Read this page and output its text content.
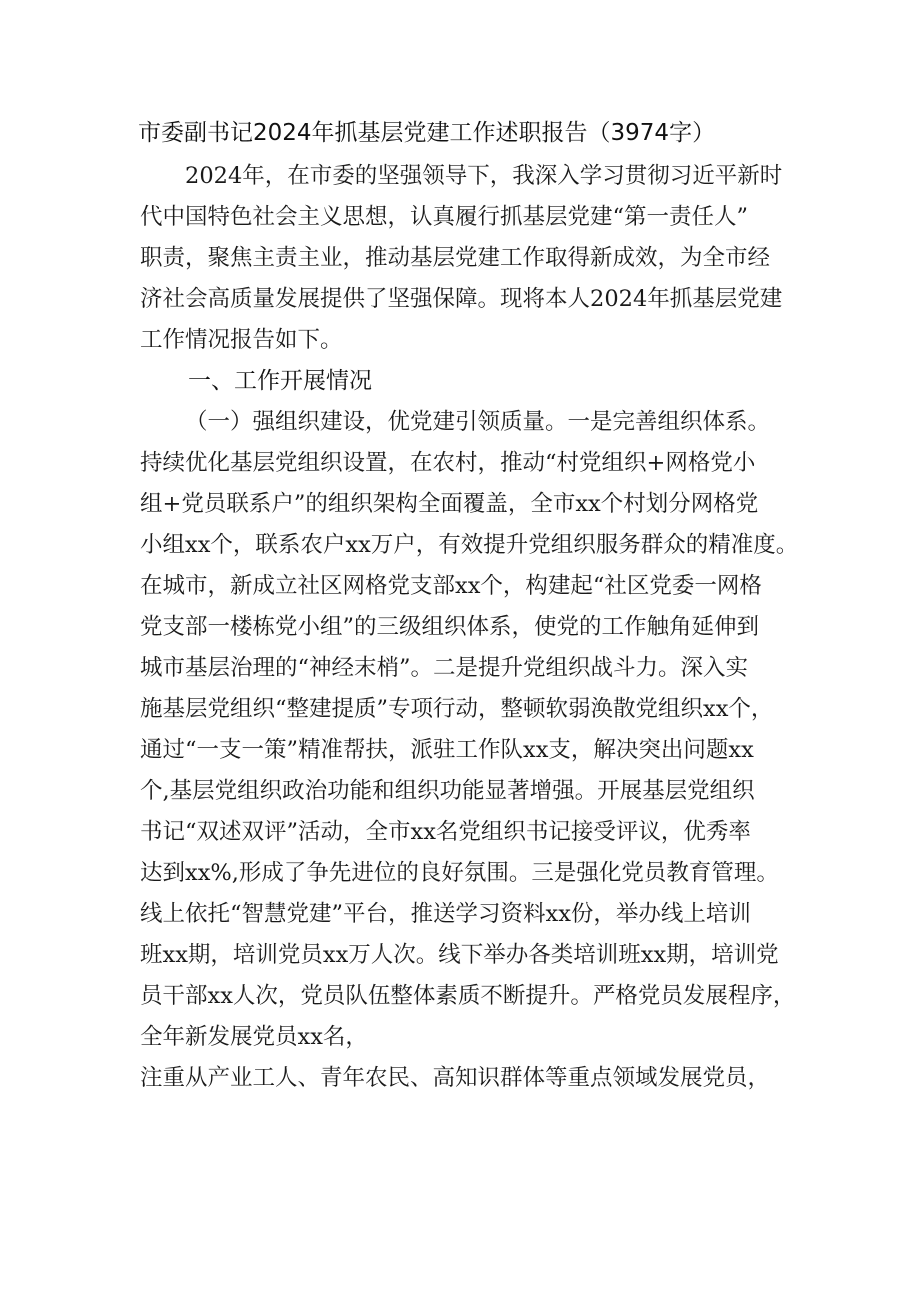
市委副书记2024年抓基层党建工作述职报告（3974字）
2024年，在市委的坚强领导下，我深入学习贯彻习近平新时
代中国特色社会主义思想，认真履行抓基层党建“第一责任人”
职责，聚焦主责主业，推动基层党建工作取得新成效，为全市经
济社会高质量发展提供了坚强保障。现将本人2024年抓基层党建
工作情况报告如下。
一、工作开展情况
（一）强组织建设，优党建引领质量。一是完善组织体系。
持续优化基层党组织设置，在农村，推动“村党组织+网格党小
组+党员联系户”的组织架构全面覆盖，全市xx个村划分网格党
小组xx个，联系农户xx万户，有效提升党组织服务群众的精准度。
在城市，新成立社区网格党支部xx个，构建起“社区党委一网格
党支部一楼栋党小组”的三级组织体系，使党的工作触角延伸到
城市基层治理的“神经末梢”。二是提升党组织战斗力。深入实
施基层党组织“整建提质”专项行动，整顿软弱涣散党组织xx个，
通过“一支一策”精准帮扶，派驻工作队xx支，解决突出问题xx
个,基层党组织政治功能和组织功能显著增强。开展基层党组织
书记“双述双评”活动，全市xx名党组织书记接受评议，优秀率
达到xx%,形成了争先进位的良好氛围。三是强化党员教育管理。
线上依托“智慧党建”平台，推送学习资料xx份，举办线上培训
班xx期，培训党员xx万人次。线下举办各类培训班xx期，培训党
员干部xx人次，党员队伍整体素质不断提升。严格党员发展程序，
全年新发展党员xx名，
注重从产业工人、青年农民、高知识群体等重点领域发展党员，
